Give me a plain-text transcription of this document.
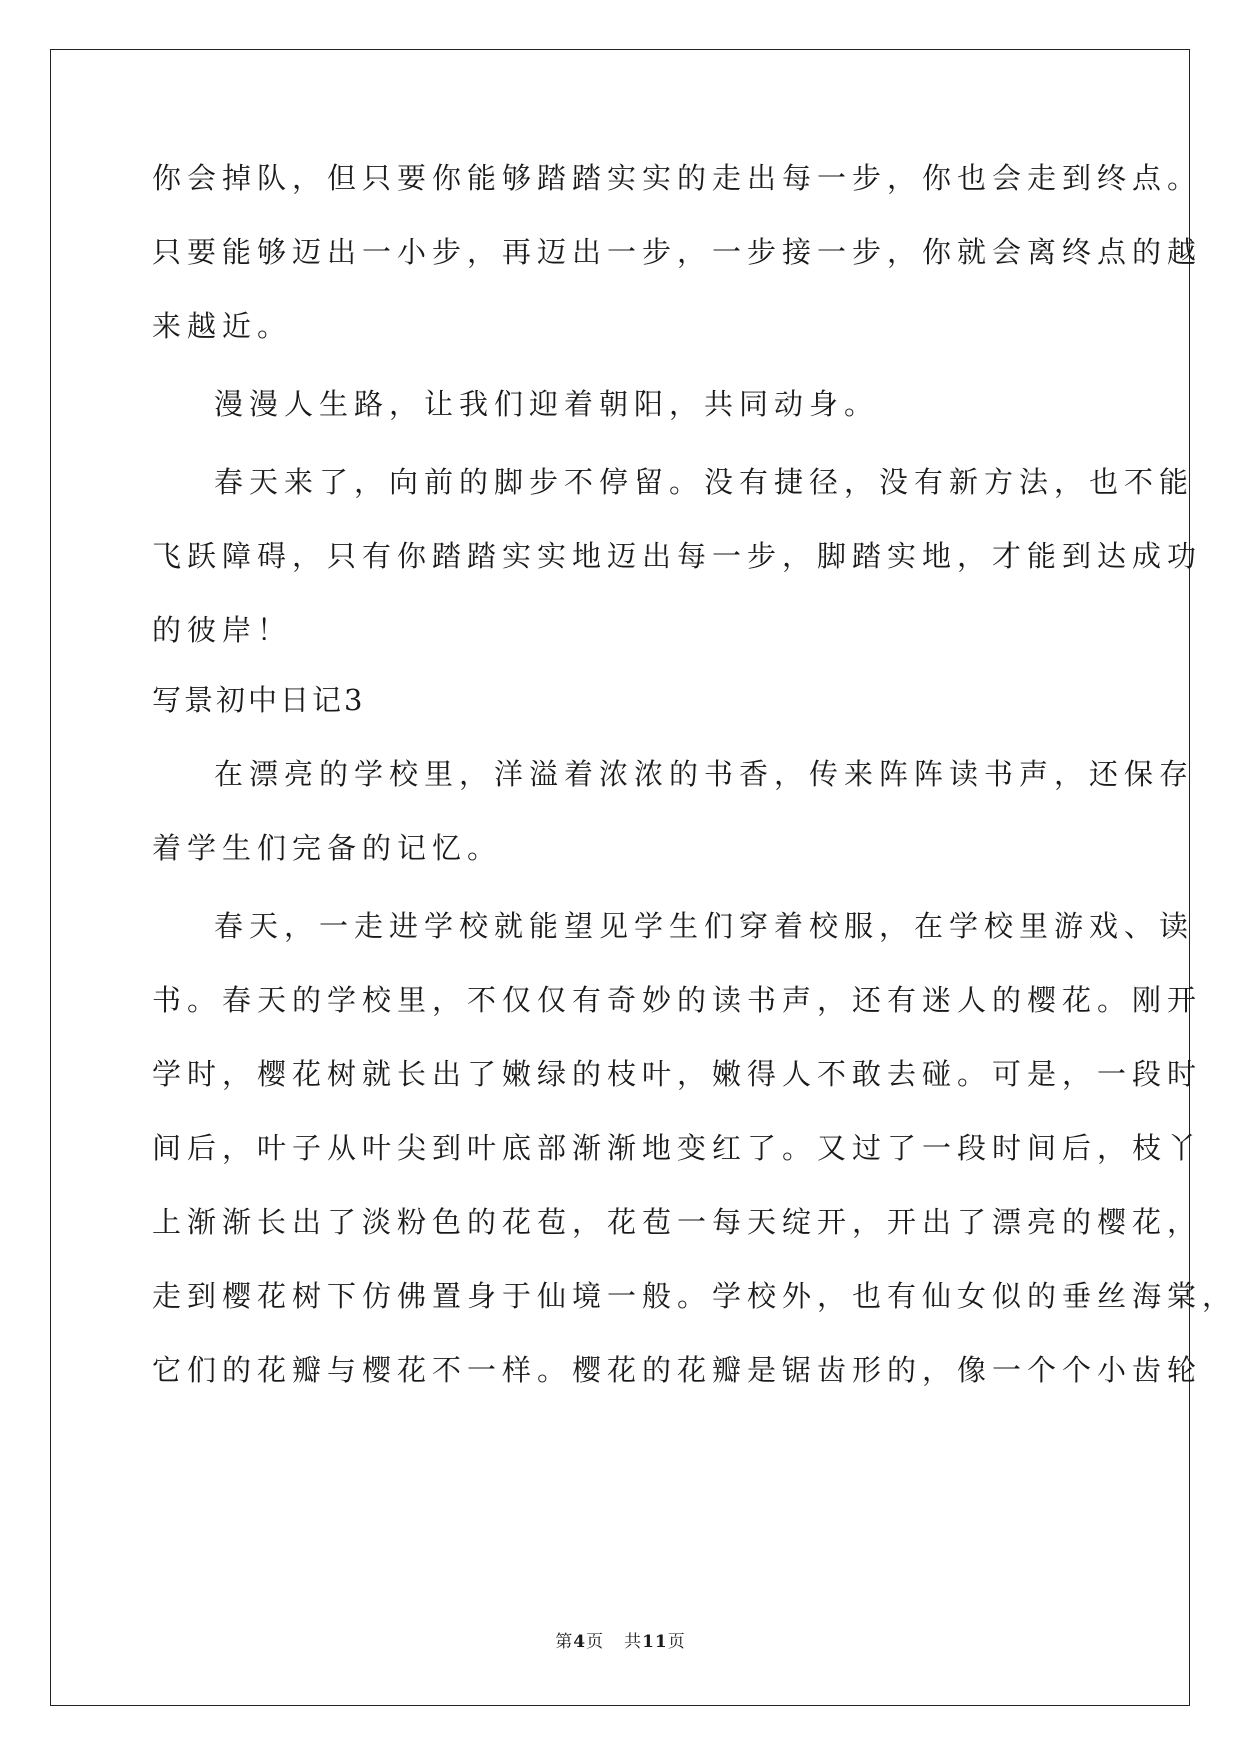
你会掉队，但只要你能够踏踏实实的走出每一步，你也会走到终点。
只要能够迈出一小步，再迈出一步，一步接一步，你就会离终点的越
来越近。
漫漫人生路，让我们迎着朝阳，共同动身。
春天来了，向前的脚步不停留。没有捷径，没有新方法，也不能
飞跃障碍，只有你踏踏实实地迈出每一步，脚踏实地，才能到达成功
的彼岸！
写景初中日记3
在漂亮的学校里，洋溢着浓浓的书香，传来阵阵读书声，还保存
着学生们完备的记忆。
春天，一走进学校就能望见学生们穿着校服，在学校里游戏、读
书。春天的学校里，不仅仅有奇妙的读书声，还有迷人的樱花。刚开
学时，樱花树就长出了嫩绿的枝叶，嫩得人不敢去碰。可是，一段时
间后，叶子从叶尖到叶底部渐渐地变红了。又过了一段时间后，枝丫
上渐渐长出了淡粉色的花苞，花苞一每天绽开，开出了漂亮的樱花，
走到樱花树下仿佛置身于仙境一般。学校外，也有仙女似的垂丝海棠，
它们的花瓣与樱花不一样。樱花的花瓣是锯齿形的，像一个个小齿轮
第4页 共11页
